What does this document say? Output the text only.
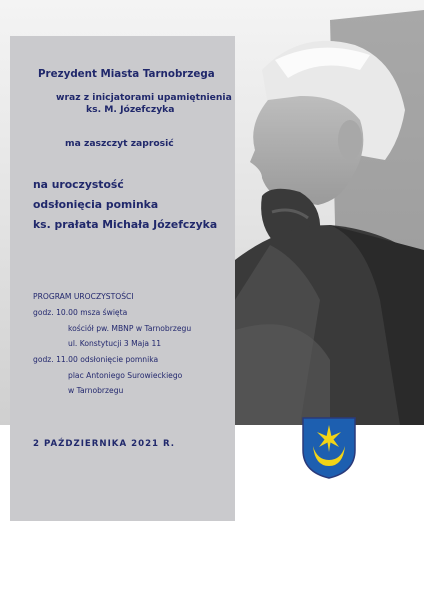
Prezydent Miasta Tarnobrzega
wraz z inicjatorami upamiętnienia
ks. M. Józefczyka
ma zaszczyt zaprosić
na uroczystość
odsłonięcia pominka
ks. prałata Michała Józefczyka
PROGRAM UROCZYSTOŚCI
godz. 10.00 msza święta
kościół pw. MBNP w Tarnobrzegu
ul. Konstytucji 3 Maja 11
godz. 11.00 odsłonięcie pomnika
plac Antoniego Surowieckiego
w Tarnobrzegu
2 PAŹDZIERNIKA 2021 R.
